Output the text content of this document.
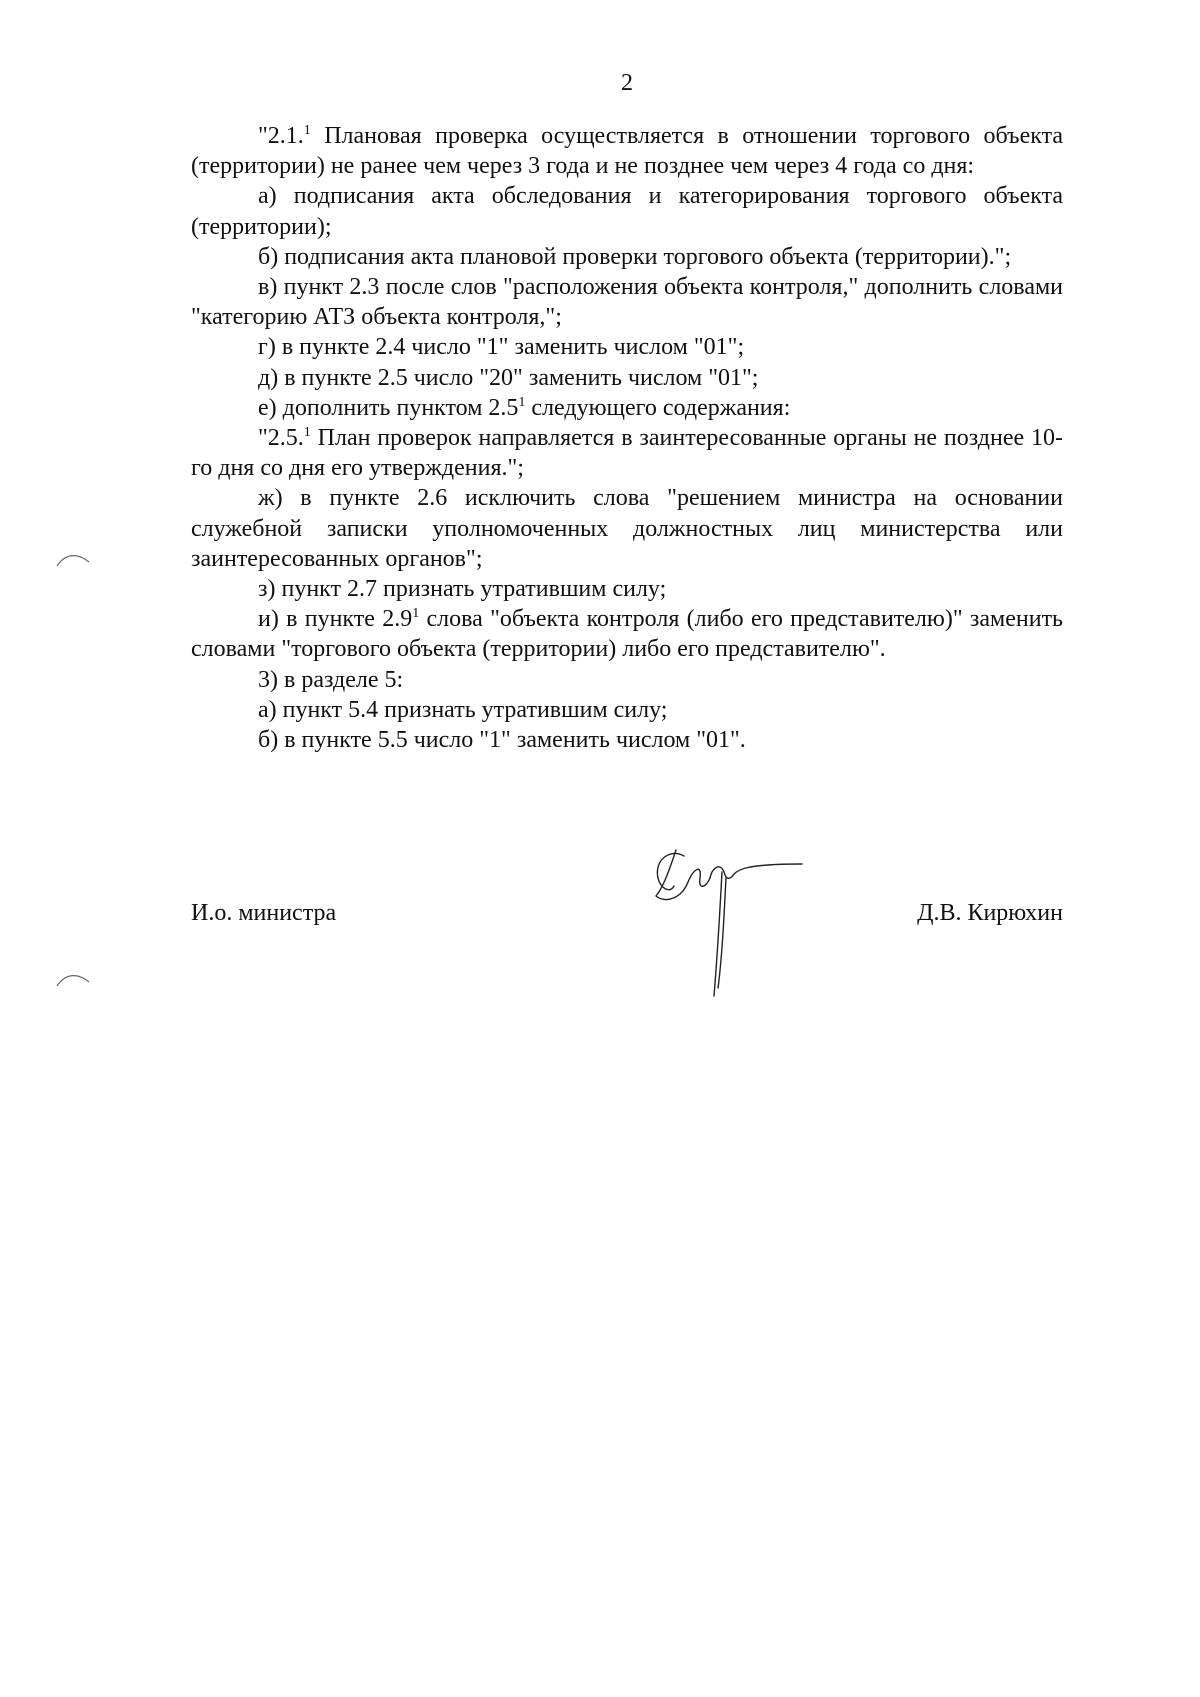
2

"2.1.$^1$ Плановая проверка осуществляется в отношении торгового объекта (территории) не ранее чем через 3 года и не позднее чем через 4 года со дня:

а) подписания акта обследования и категорирования торгового объекта (территории);

б) подписания акта плановой проверки торгового объекта (территории).";

в) пункт 2.3 после слов "расположения объекта контроля," дополнить словами "категорию АТЗ объекта контроля,";

г) в пункте 2.4 число "1" заменить числом "01";

д) в пункте 2.5 число "20" заменить числом "01";

е) дополнить пунктом $2.5^1$ следующего содержания:

"2.5.$^1$ План проверок направляется в заинтересованные органы не позднее 10-го дня со дня его утверждения.";

ж) в пункте 2.6 исключить слова "решением министра на основании служебной записки уполномоченных должностных лиц министерства или заинтересованных органов";

з) пункт 2.7 признать утратившим силу;

и) в пункте $2.9^1$ слова "объекта контроля (либо его представителю)" заменить словами "торгового объекта (территории) либо его представителю".

3) в разделе 5:

а) пункт 5.4 признать утратившим силу;

б) в пункте 5.5 число "1" заменить числом "01".

И.о. министра	Д.В. Кирюхин
